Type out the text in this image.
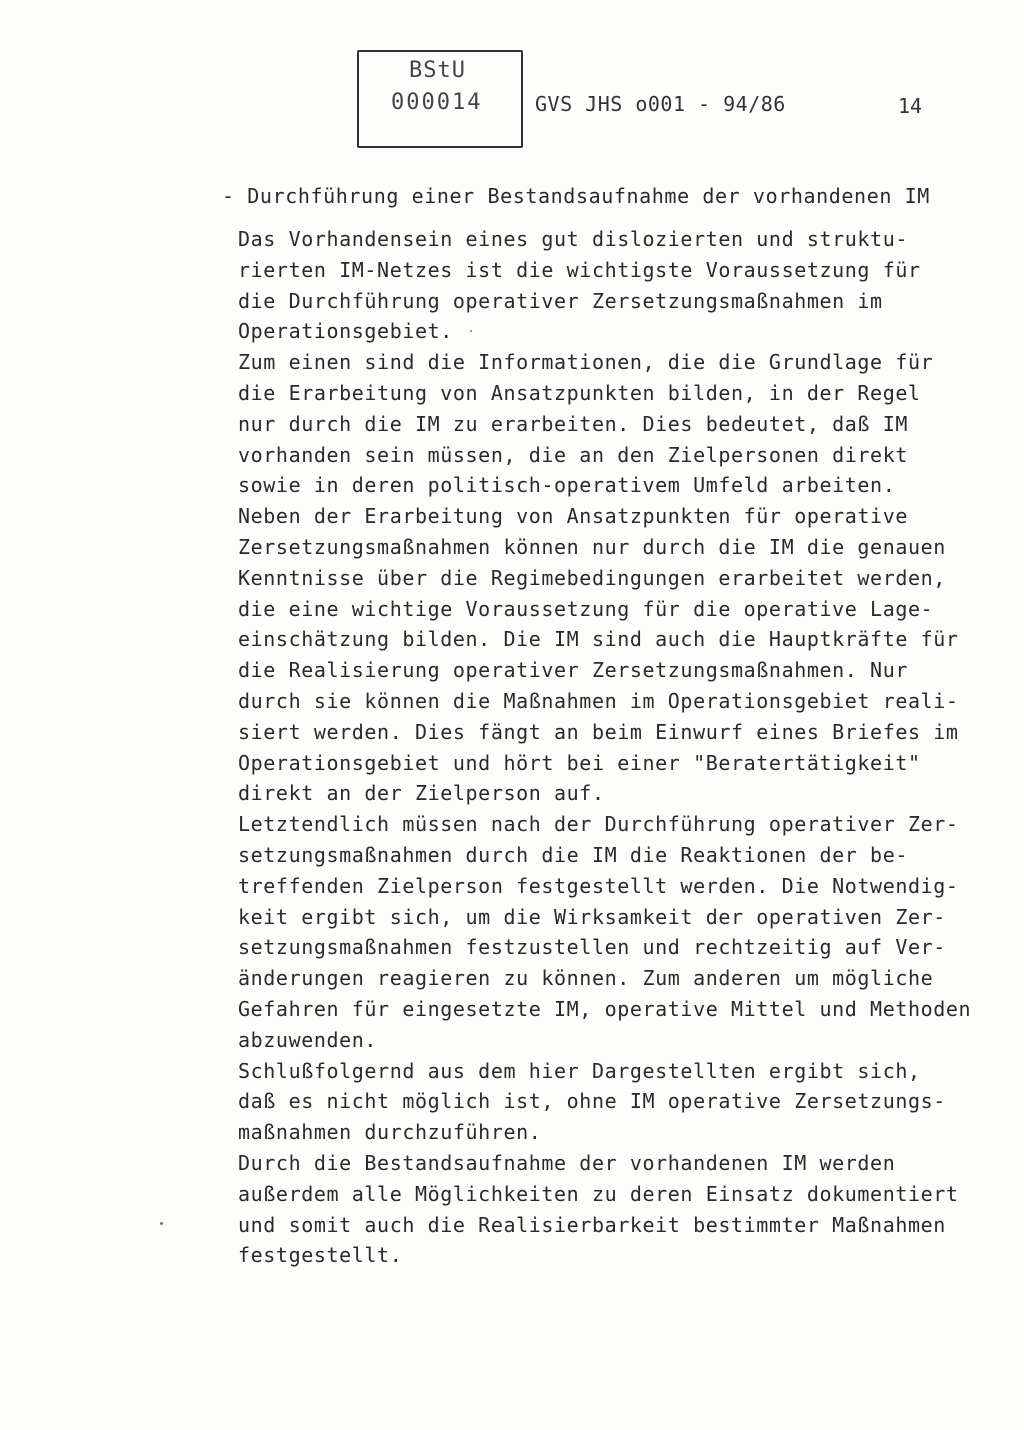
BStU
000014	GVS JHS o001 - 94/86	14
- Durchführung einer Bestandsaufnahme der vorhandenen IM
Das Vorhandensein eines gut dislozierten und struktu-
rierten IM-Netzes ist die wichtigste Voraussetzung für
die Durchführung operativer Zersetzungsmaßnahmen im
Operationsgebiet.
Zum einen sind die Informationen, die die Grundlage für
die Erarbeitung von Ansatzpunkten bilden, in der Regel
nur durch die IM zu erarbeiten. Dies bedeutet, daß IM
vorhanden sein müssen, die an den Zielpersonen direkt
sowie in deren politisch-operativem Umfeld arbeiten.
Neben der Erarbeitung von Ansatzpunkten für operative
Zersetzungsmaßnahmen können nur durch die IM die genauen
Kenntnisse über die Regimebedingungen erarbeitet werden,
die eine wichtige Voraussetzung für die operative Lage-
einschätzung bilden. Die IM sind auch die Hauptkräfte für
die Realisierung operativer Zersetzungsmaßnahmen. Nur
durch sie können die Maßnahmen im Operationsgebiet reali-
siert werden. Dies fängt an beim Einwurf eines Briefes im
Operationsgebiet und hört bei einer "Beratertätigkeit"
direkt an der Zielperson auf.
Letztendlich müssen nach der Durchführung operativer Zer-
setzungsmaßnahmen durch die IM die Reaktionen der be-
treffenden Zielperson festgestellt werden. Die Notwendig-
keit ergibt sich, um die Wirksamkeit der operativen Zer-
setzungsmaßnahmen festzustellen und rechtzeitig auf Ver-
änderungen reagieren zu können. Zum anderen um mögliche
Gefahren für eingesetzte IM, operative Mittel und Methoden
abzuwenden.
Schlußfolgernd aus dem hier Dargestellten ergibt sich,
daß es nicht möglich ist, ohne IM operative Zersetzungs-
maßnahmen durchzuführen.
Durch die Bestandsaufnahme der vorhandenen IM werden
außerdem alle Möglichkeiten zu deren Einsatz dokumentiert
und somit auch die Realisierbarkeit bestimmter Maßnahmen
festgestellt.
